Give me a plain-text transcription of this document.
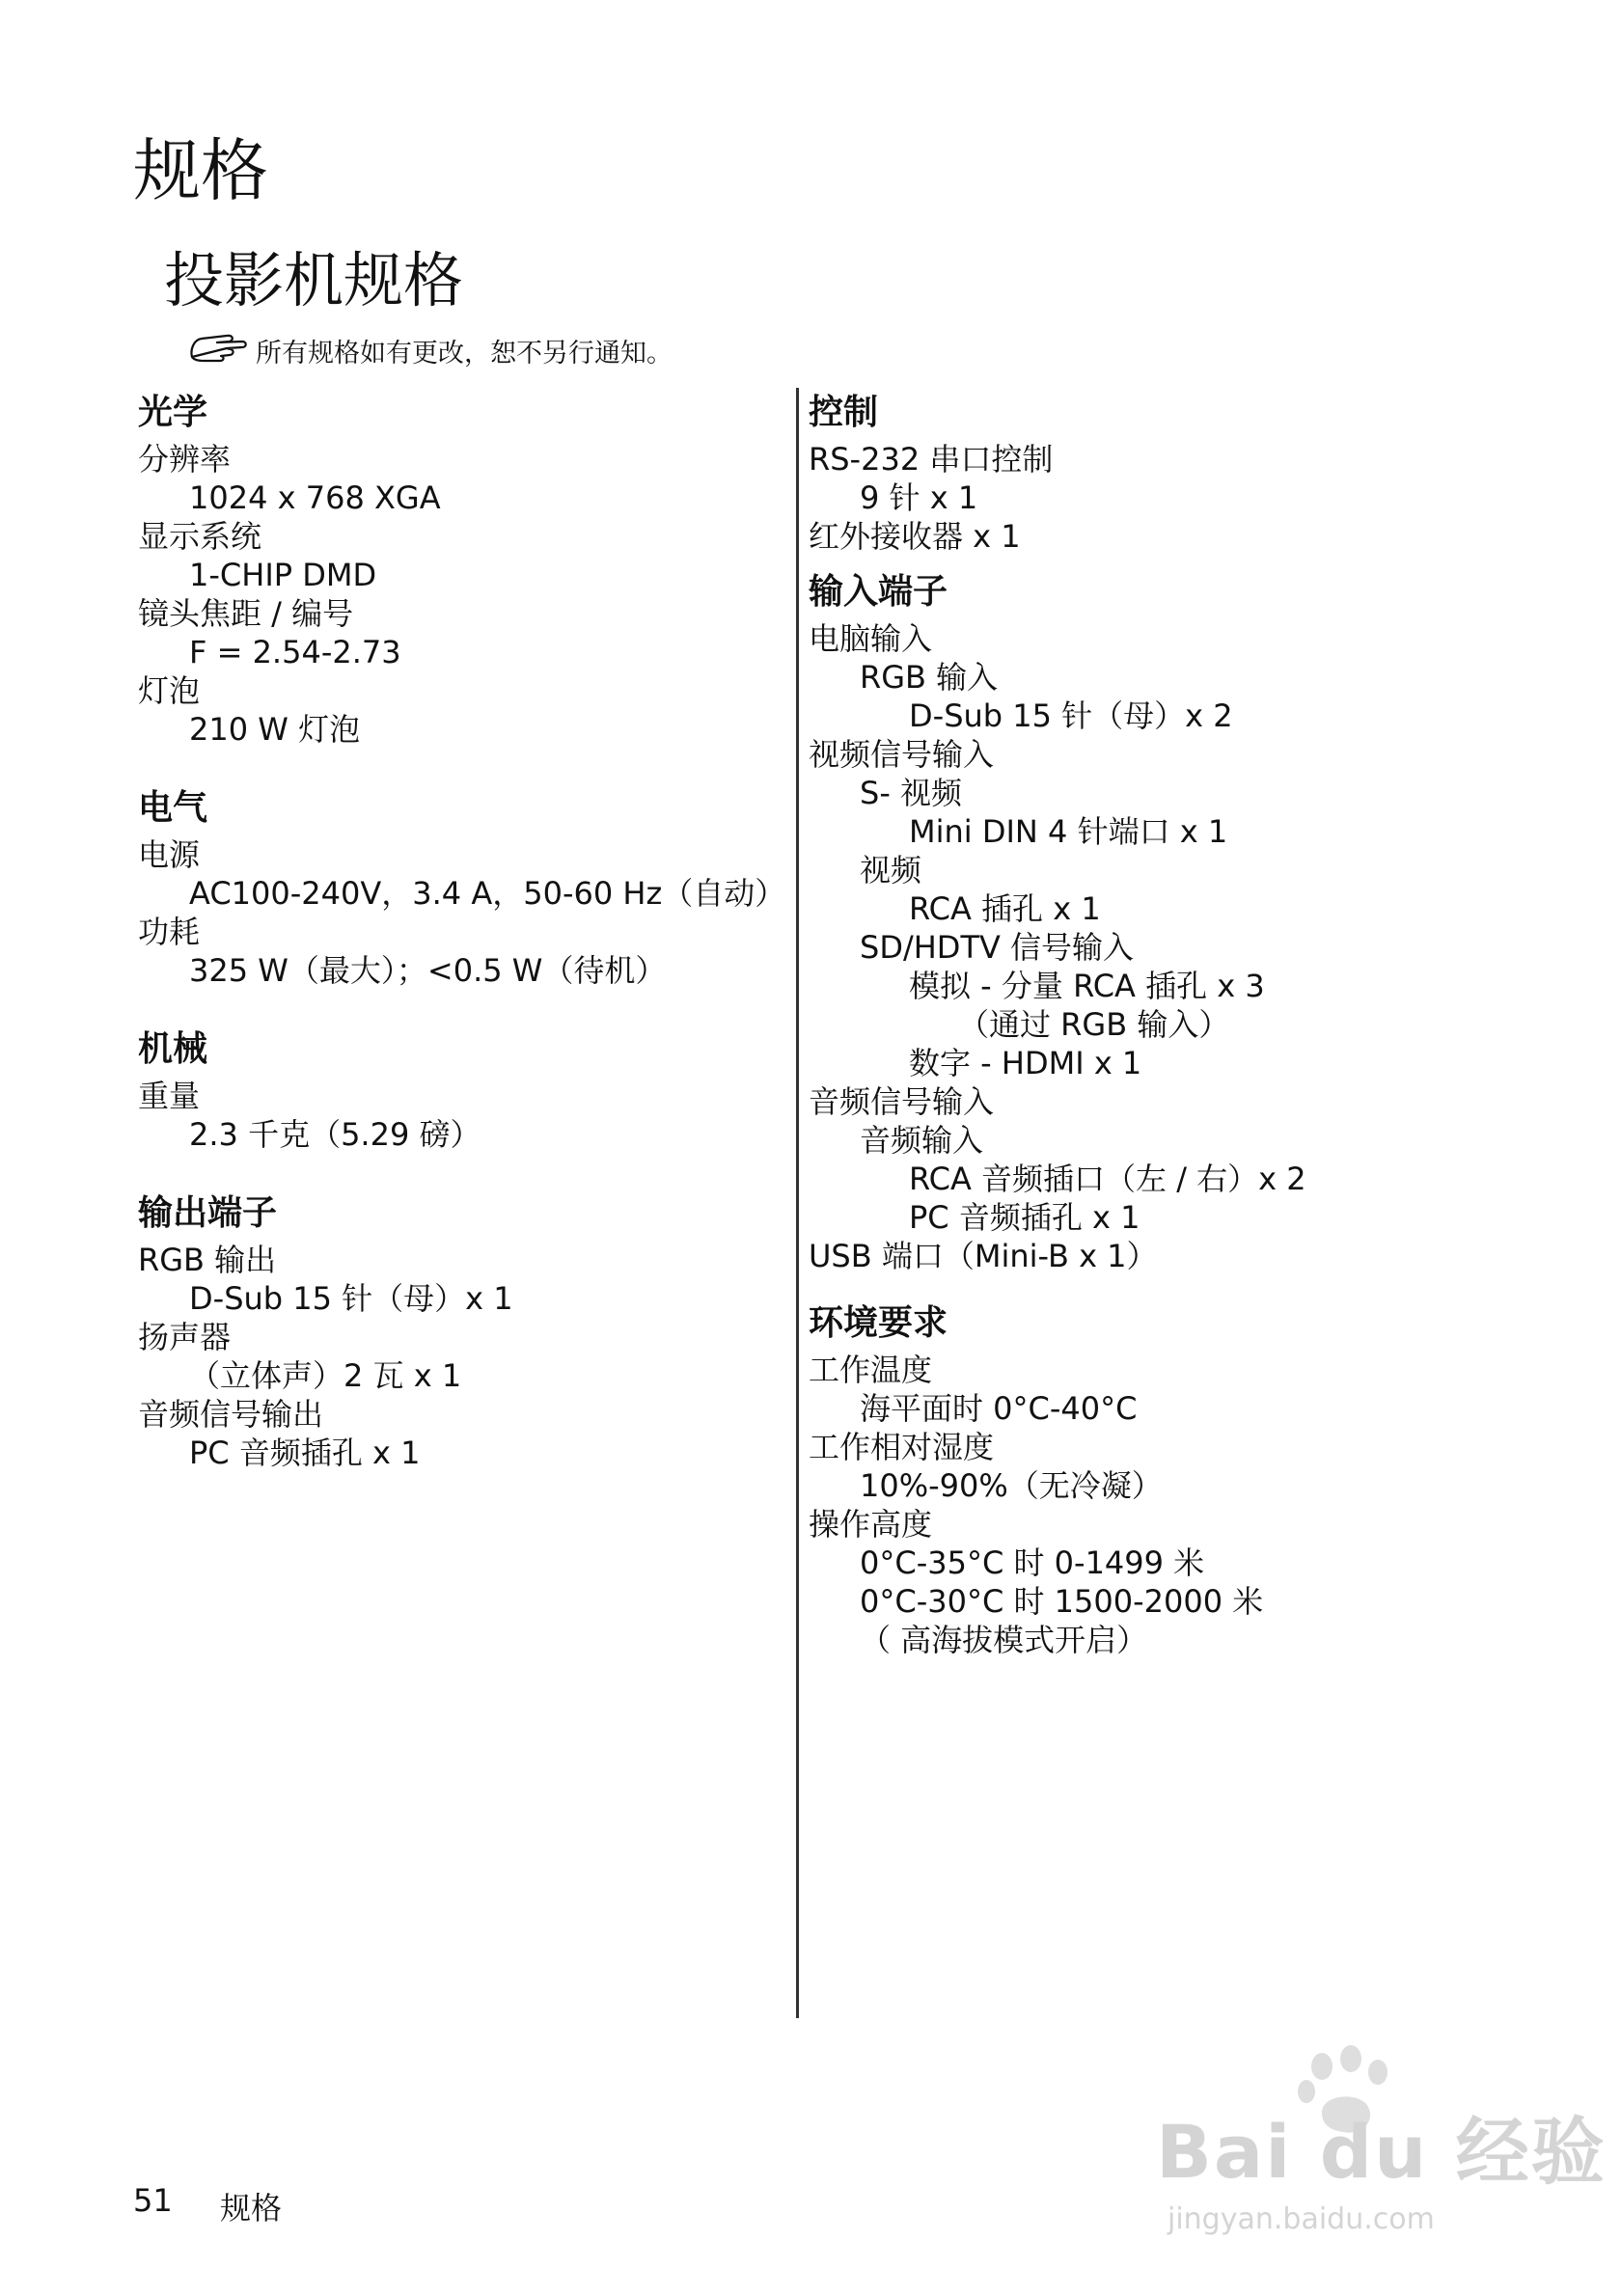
规格
投影机规格
所有规格如有更改，恕不另行通知。
光学
分辨率
1024 x 768 XGA
显示系统
1-CHIP DMD
镜头焦距 / 编号
F = 2.54-2.73
灯泡
210 W 灯泡
电气
电源
AC100-240V，3.4 A，50-60 Hz（自动）
功耗
325 W（最大）；<0.5 W（待机）
机械
重量
2.3 千克（5.29 磅）
输出端子
RGB 输出
D-Sub 15 针（母）x 1
扬声器
（立体声）2 瓦 x 1
音频信号输出
PC 音频插孔 x 1
控制
RS-232 串口控制
9 针 x 1
红外接收器 x 1
输入端子
电脑输入
RGB 输入
D-Sub 15 针（母）x 2
视频信号输入
S- 视频
Mini DIN 4 针端口 x 1
视频
RCA 插孔 x 1
SD/HDTV 信号输入
模拟 - 分量 RCA 插孔 x 3
（通过 RGB 输入）
数字 - HDMI x 1
音频信号输入
音频输入
RCA 音频插口（左 / 右）x 2
PC 音频插孔 x 1
USB 端口（Mini-B x 1）
环境要求
工作温度
海平面时 0°C-40°C
工作相对湿度
10%-90%（无冷凝）
操作高度
0°C-35°C 时 0-1499 米
0°C-30°C 时 1500-2000 米
（ 高海拔模式开启）
51 规格
Bai du 经验
jingyan.baidu.com
